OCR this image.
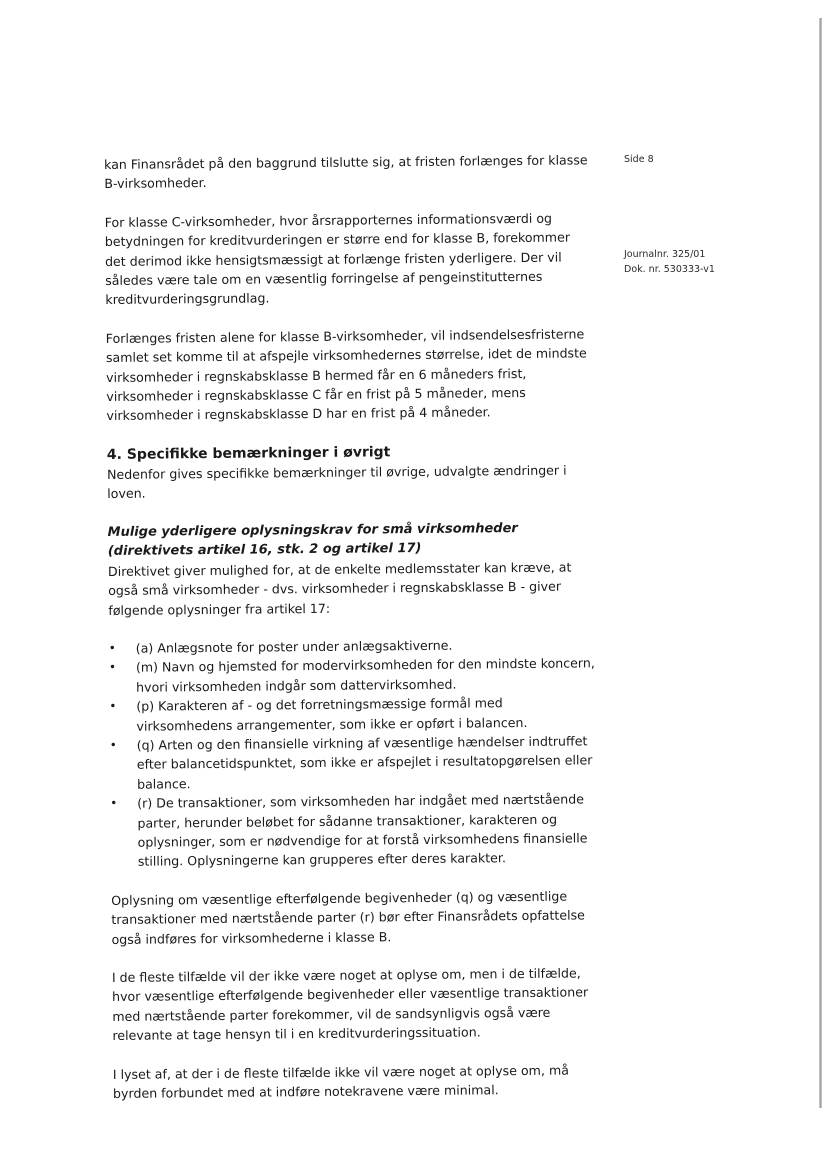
Side 8
Journalnr. 325/01
Dok. nr. 530333-v1

kan Finansrådet på den baggrund tilslutte sig, at fristen forlænges for klasse B-virksomheder.

For klasse C-virksomheder, hvor årsrapporternes informationsværdi og betydningen for kreditvurderingen er større end for klasse B, forekommer det derimod ikke hensigtsmæssigt at forlænge fristen yderligere. Der vil således være tale om en væsentlig forringelse af pengeinstitutternes kreditvurderingsgrundlag.

Forlænges fristen alene for klasse B-virksomheder, vil indsendelsesfristerne samlet set komme til at afspejle virksomhedernes størrelse, idet de mindste virksomheder i regnskabsklasse B hermed får en 6 måneders frist, virksomheder i regnskabsklasse C får en frist på 5 måneder, mens virksomheder i regnskabsklasse D har en frist på 4 måneder.

4. Specifikke bemærkninger i øvrigt

Nedenfor gives specifikke bemærkninger til øvrige, udvalgte ændringer i loven.

Mulige yderligere oplysningskrav for små virksomheder (direktivets artikel 16, stk. 2 og artikel 17)

Direktivet giver mulighed for, at de enkelte medlemsstater kan kræve, at også små virksomheder - dvs. virksomheder i regnskabsklasse B - giver følgende oplysninger fra artikel 17:

• (a) Anlægsnote for poster under anlægsaktiverne.
• (m) Navn og hjemsted for modervirksomheden for den mindste koncern, hvori virksomheden indgår som dattervirksomhed.
• (p) Karakteren af - og det forretningsmæssige formål med virksomhedens arrangementer, som ikke er opført i balancen.
• (q) Arten og den finansielle virkning af væsentlige hændelser indtruffet efter balancetidspunktet, som ikke er afspejlet i resultatopgørelsen eller balance.
• (r) De transaktioner, som virksomheden har indgået med nærtstående parter, herunder beløbet for sådanne transaktioner, karakteren og oplysninger, som er nødvendige for at forstå virksomhedens finansielle stilling. Oplysningerne kan grupperes efter deres karakter.

Oplysning om væsentlige efterfølgende begivenheder (q) og væsentlige transaktioner med nærtstående parter (r) bør efter Finansrådets opfattelse også indføres for virksomhederne i klasse B.

I de fleste tilfælde vil der ikke være noget at oplyse om, men i de tilfælde, hvor væsentlige efterfølgende begivenheder eller væsentlige transaktioner med nærtstående parter forekommer, vil de sandsynligvis også være relevante at tage hensyn til i en kreditvurderingssituation.

I lyset af, at der i de fleste tilfælde ikke vil være noget at oplyse om, må byrden forbundet med at indføre notekravene være minimal.
